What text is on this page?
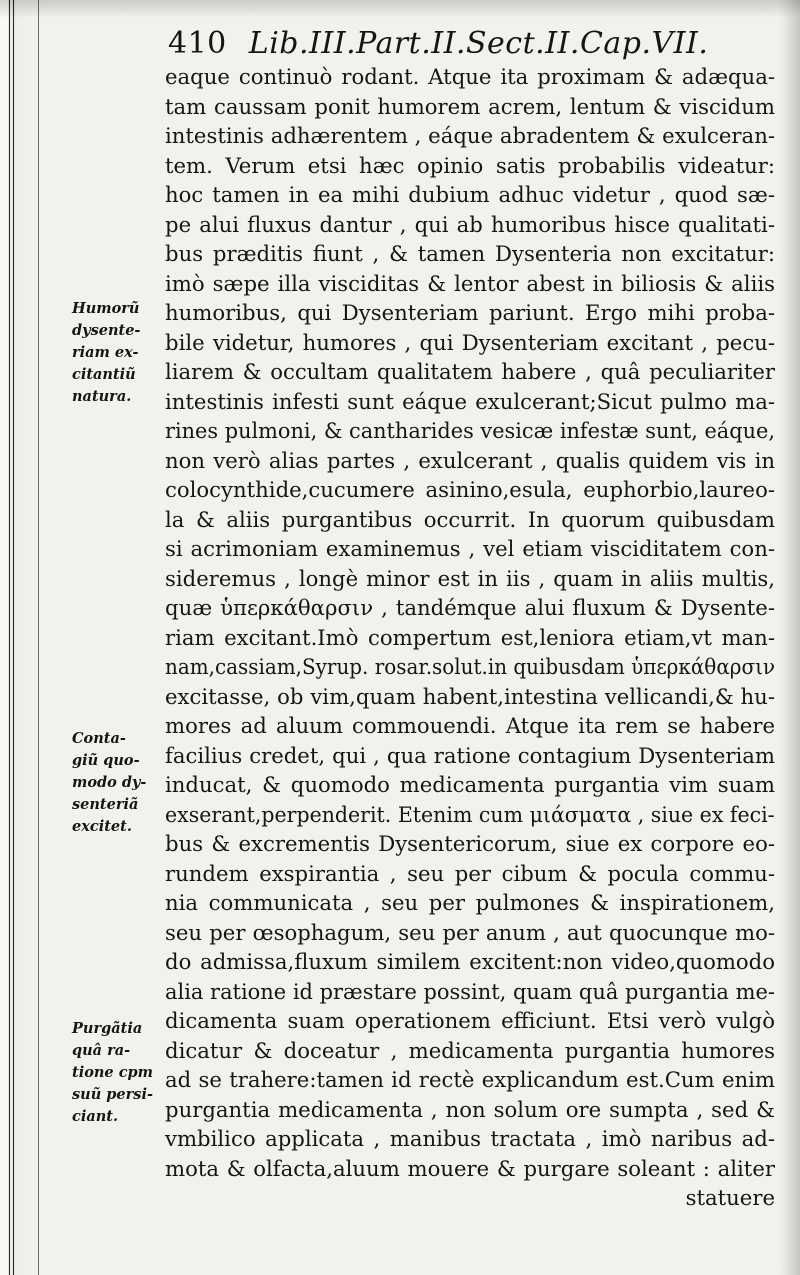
410 Lib.III.Part.II.Sect.II.Cap.VII.
eaque continuò rodant. Atque ita proximam & adæqua-
tam caussam ponit humorem acrem, lentum & viscidum
intestinis adhærentem , eáque abradentem & exulceran-
tem. Verum etsi hæc opinio satis probabilis videatur:
hoc tamen in ea mihi dubium adhuc videtur , quod sæ-
pe alui fluxus dantur , qui ab humoribus hisce qualitati-
bus præditis fiunt , & tamen Dysenteria non excitatur:
imò sæpe illa visciditas & lentor abest in biliosis & aliis
humoribus, qui Dysenteriam pariunt. Ergo mihi proba-
bile videtur, humores , qui Dysenteriam excitant , pecu-
liarem & occultam qualitatem habere , quâ peculiariter
intestinis infesti sunt eáque exulcerant;Sicut pulmo ma-
rines pulmoni, & cantharides vesicæ infestæ sunt, eáque,
non verò alias partes , exulcerant , qualis quidem vis in
colocynthide,cucumere asinino,esula, euphorbio,laureo-
la & aliis purgantibus occurrit. In quorum quibusdam
si acrimoniam examinemus , vel etiam visciditatem con-
sideremus , longè minor est in iis , quam in aliis multis,
quæ ὑπερκάθαρσιν , tandémque alui fluxum & Dysente-
riam excitant.Imò compertum est,leniora etiam,vt man-
nam,cassiam,Syrup. rosar.solut.in quibusdam ὑπερκάθαρσιν
excitasse, ob vim,quam habent,intestina vellicandi,& hu-
mores ad aluum commouendi. Atque ita rem se habere
facilius credet, qui , qua ratione contagium Dysenteriam
inducat, & quomodo medicamenta purgantia vim suam
exserant,perpenderit. Etenim cum μιάσματα , siue ex feci-
bus & excrementis Dysentericorum, siue ex corpore eo-
rundem exspirantia , seu per cibum & pocula commu-
nia communicata , seu per pulmones & inspirationem,
seu per œsophagum, seu per anum , aut quocunque mo-
do admissa,fluxum similem excitent:non video,quomodo
alia ratione id præstare possint, quam quâ purgantia me-
dicamenta suam operationem efficiunt. Etsi verò vulgò
dicatur & doceatur , medicamenta purgantia humores
ad se trahere:tamen id rectè explicandum est.Cum enim
purgantia medicamenta , non solum ore sumpta , sed &
vmbilico applicata , manibus tractata , imò naribus ad-
mota & olfacta,aluum mouere & purgare soleant : aliter
statuere
Humorũ
dysente-
riam ex-
citantiũ
natura.
Conta-
giũ quo-
modo dy-
senteriã
excitet.
Purgãtia
quâ ra-
tione cpm
suũ persi-
ciant.
